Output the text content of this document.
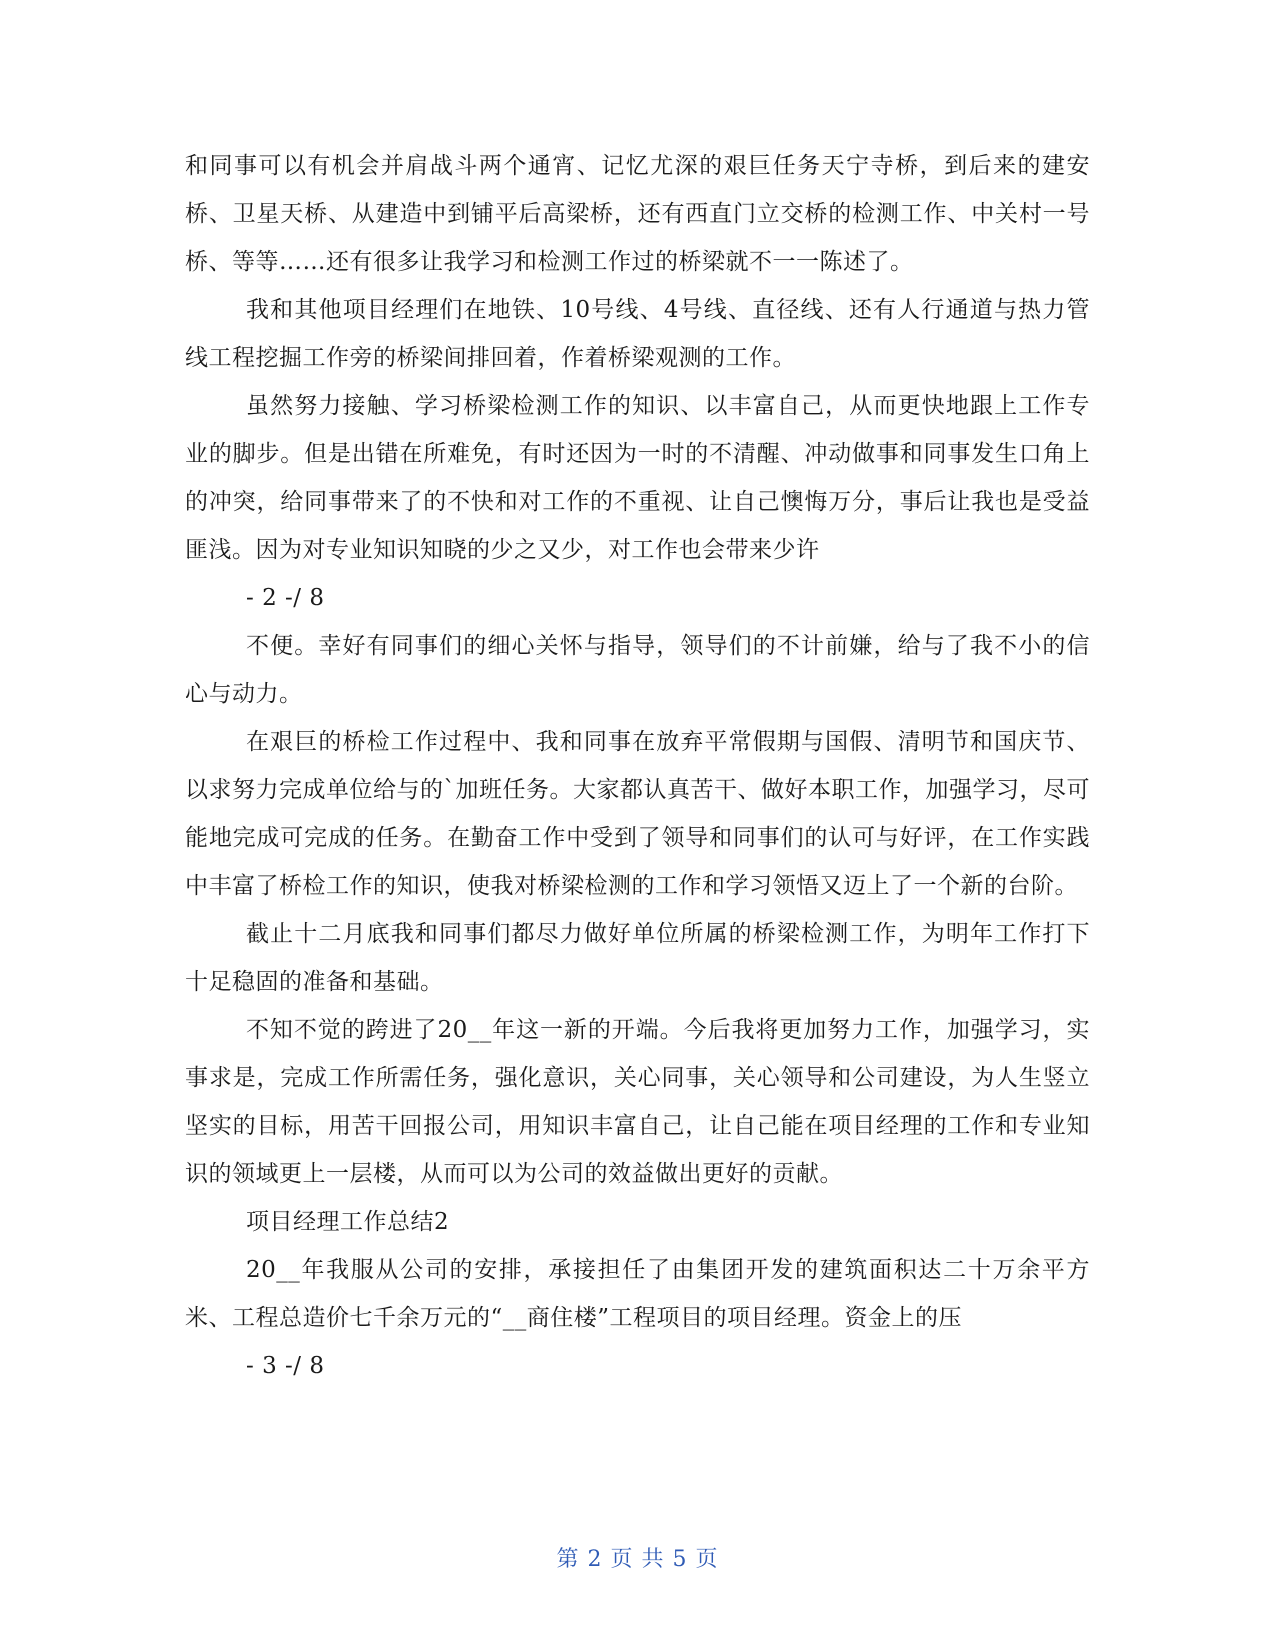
和同事可以有机会并肩战斗两个通宵、记忆尤深的艰巨任务天宁寺桥，到后来的建安桥、卫星天桥、从建造中到铺平后高梁桥，还有西直门立交桥的检测工作、中关村一号桥、等等……还有很多让我学习和检测工作过的桥梁就不一一陈述了。

我和其他项目经理们在地铁、10号线、4号线、直径线、还有人行通道与热力管线工程挖掘工作旁的桥梁间排回着，作着桥梁观测的工作。

虽然努力接触、学习桥梁检测工作的知识、以丰富自己，从而更快地跟上工作专业的脚步。但是出错在所难免，有时还因为一时的不清醒、冲动做事和同事发生口角上的冲突，给同事带来了的不快和对工作的不重视、让自己懊悔万分，事后让我也是受益匪浅。因为对专业知识知晓的少之又少，对工作也会带来少许

- 2 -/ 8

不便。幸好有同事们的细心关怀与指导，领导们的不计前嫌，给与了我不小的信心与动力。

在艰巨的桥检工作过程中、我和同事在放弃平常假期与国假、清明节和国庆节、以求努力完成单位给与的`加班任务。大家都认真苦干、做好本职工作，加强学习，尽可能地完成可完成的任务。在勤奋工作中受到了领导和同事们的认可与好评，在工作实践中丰富了桥检工作的知识，使我对桥梁检测的工作和学习领悟又迈上了一个新的台阶。

截止十二月底我和同事们都尽力做好单位所属的桥梁检测工作，为明年工作打下十足稳固的准备和基础。

不知不觉的跨进了20__年这一新的开端。今后我将更加努力工作，加强学习，实事求是，完成工作所需任务，强化意识，关心同事，关心领导和公司建设，为人生竖立坚实的目标，用苦干回报公司，用知识丰富自己，让自己能在项目经理的工作和专业知识的领域更上一层楼，从而可以为公司的效益做出更好的贡献。

项目经理工作总结2

20__年我服从公司的安排，承接担任了由集团开发的建筑面积达二十万余平方米、工程总造价七千余万元的“__商住楼”工程项目的项目经理。资金上的压

- 3 -/ 8

第 2 页 共 5 页
